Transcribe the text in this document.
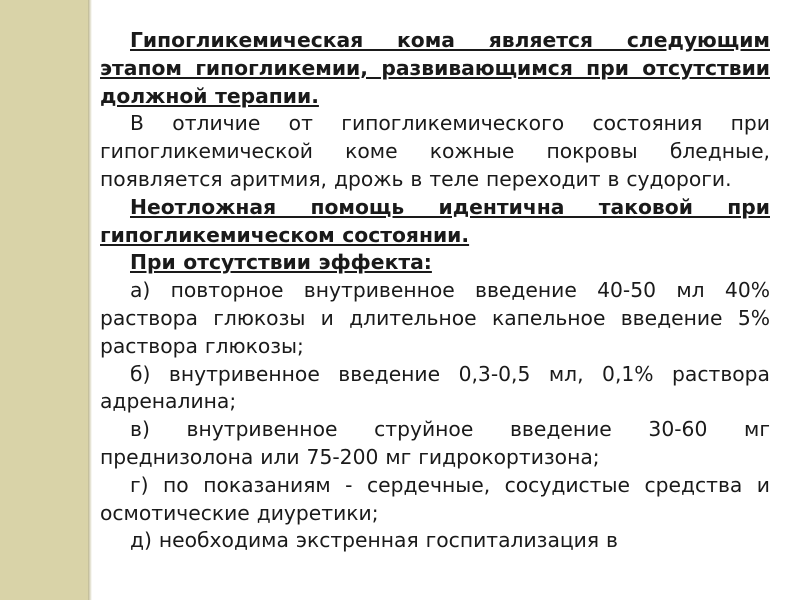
Гипогликемическая кома является следующим этапом гипогликемии, развивающимся при отсутствии должной терапии.

В отличие от гипогликемического состояния при гипогликемической коме кожные покровы бледные, появляется аритмия, дрожь в теле переходит в судороги.

Неотложная помощь идентична таковой при гипогликемическом состоянии.

При отсутствии эффекта:

а) повторное внутривенное введение 40-50 мл 40% раствора глюкозы и длительное капельное введение 5% раствора глюкозы;

б) внутривенное введение 0,3-0,5 мл, 0,1% раствора адреналина;

в) внутривенное струйное введение 30-60 мг преднизолона или 75-200 мг гидрокортизона;

г) по показаниям - сердечные, сосудистые средства и осмотические диуретики;

д) необходима экстренная госпитализация в
